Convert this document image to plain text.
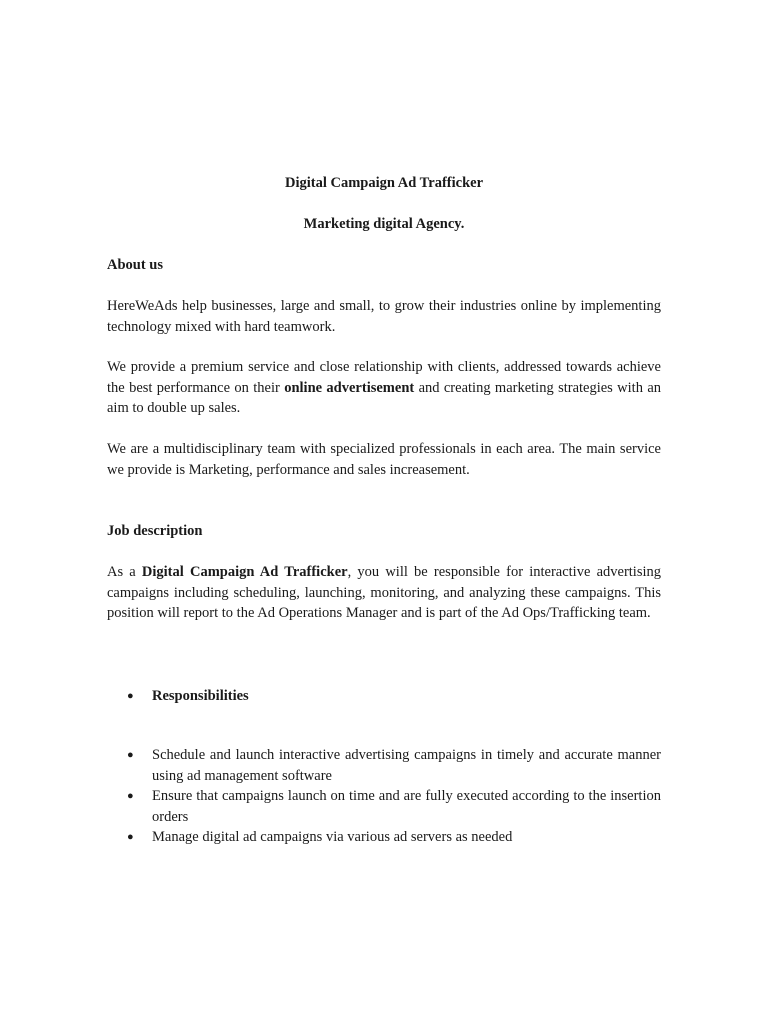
Digital Campaign Ad Trafficker
Marketing digital Agency.
About us
HereWeAds help businesses, large and small, to grow their industries online by implementing technology mixed with hard teamwork.
We provide a premium service and close relationship with clients, addressed towards achieve the best performance on their online advertisement and creating marketing strategies with an aim to double up sales.
We are a multidisciplinary team with specialized professionals in each area. The main service we provide is Marketing, performance and sales increasement.
Job description
As a Digital Campaign Ad Trafficker, you will be responsible for interactive advertising campaigns including scheduling, launching, monitoring, and analyzing these campaigns. This position will report to the Ad Operations Manager and is part of the Ad Ops/Trafficking team.
● Responsibilities
● Schedule and launch interactive advertising campaigns in timely and accurate manner using ad management software
● Ensure that campaigns launch on time and are fully executed according to the insertion orders
● Manage digital ad campaigns via various ad servers as needed
